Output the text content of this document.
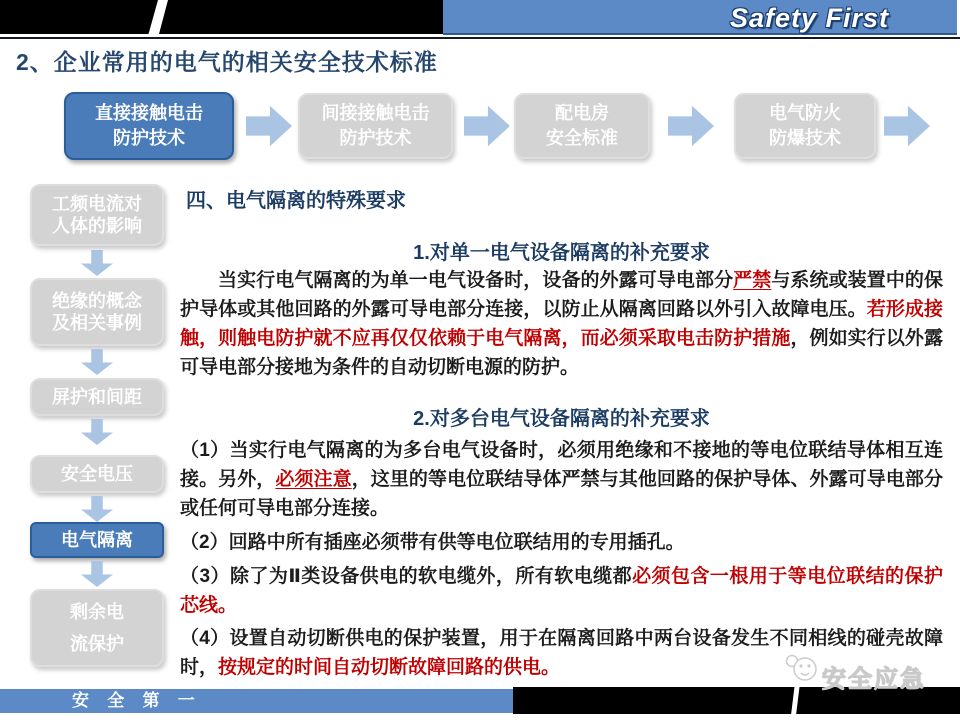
Safety First
2、企业常用的电气的相关安全技术标准
直接接触电击
防护技术
间接接触电击
防护技术
配电房
安全标准
电气防火
防爆技术
工频电流对
人体的影响
绝缘的概念
及相关事例
屏护和间距
安全电压
电气隔离
剩余电
流保护
四、电气隔离的特殊要求
1.对单一电气设备隔离的补充要求
当实行电气隔离的为单一电气设备时，设备的外露可导电部分严禁与系统或装置中的保护导体或其他回路的外露可导电部分连接，以防止从隔离回路以外引入故障电压。若形成接触，则触电防护就不应再仅仅依赖于电气隔离，而必须采取电击防护措施，例如实行以外露可导电部分接地为条件的自动切断电源的防护。
2.对多台电气设备隔离的补充要求
（1）当实行电气隔离的为多台电气设备时，必须用绝缘和不接地的等电位联结导体相互连接。另外，必须注意，这里的等电位联结导体严禁与其他回路的保护导体、外露可导电部分或任何可导电部分连接。
（2）回路中所有插座必须带有供等电位联结用的专用插孔。
（3）除了为Ⅱ类设备供电的软电缆外，所有软电缆都必须包含一根用于等电位联结的保护芯线。
（4）设置自动切断供电的保护装置，用于在隔离回路中两台设备发生不同相线的碰壳故障时，按规定的时间自动切断故障回路的供电。
安 全 第 一
安全应急
